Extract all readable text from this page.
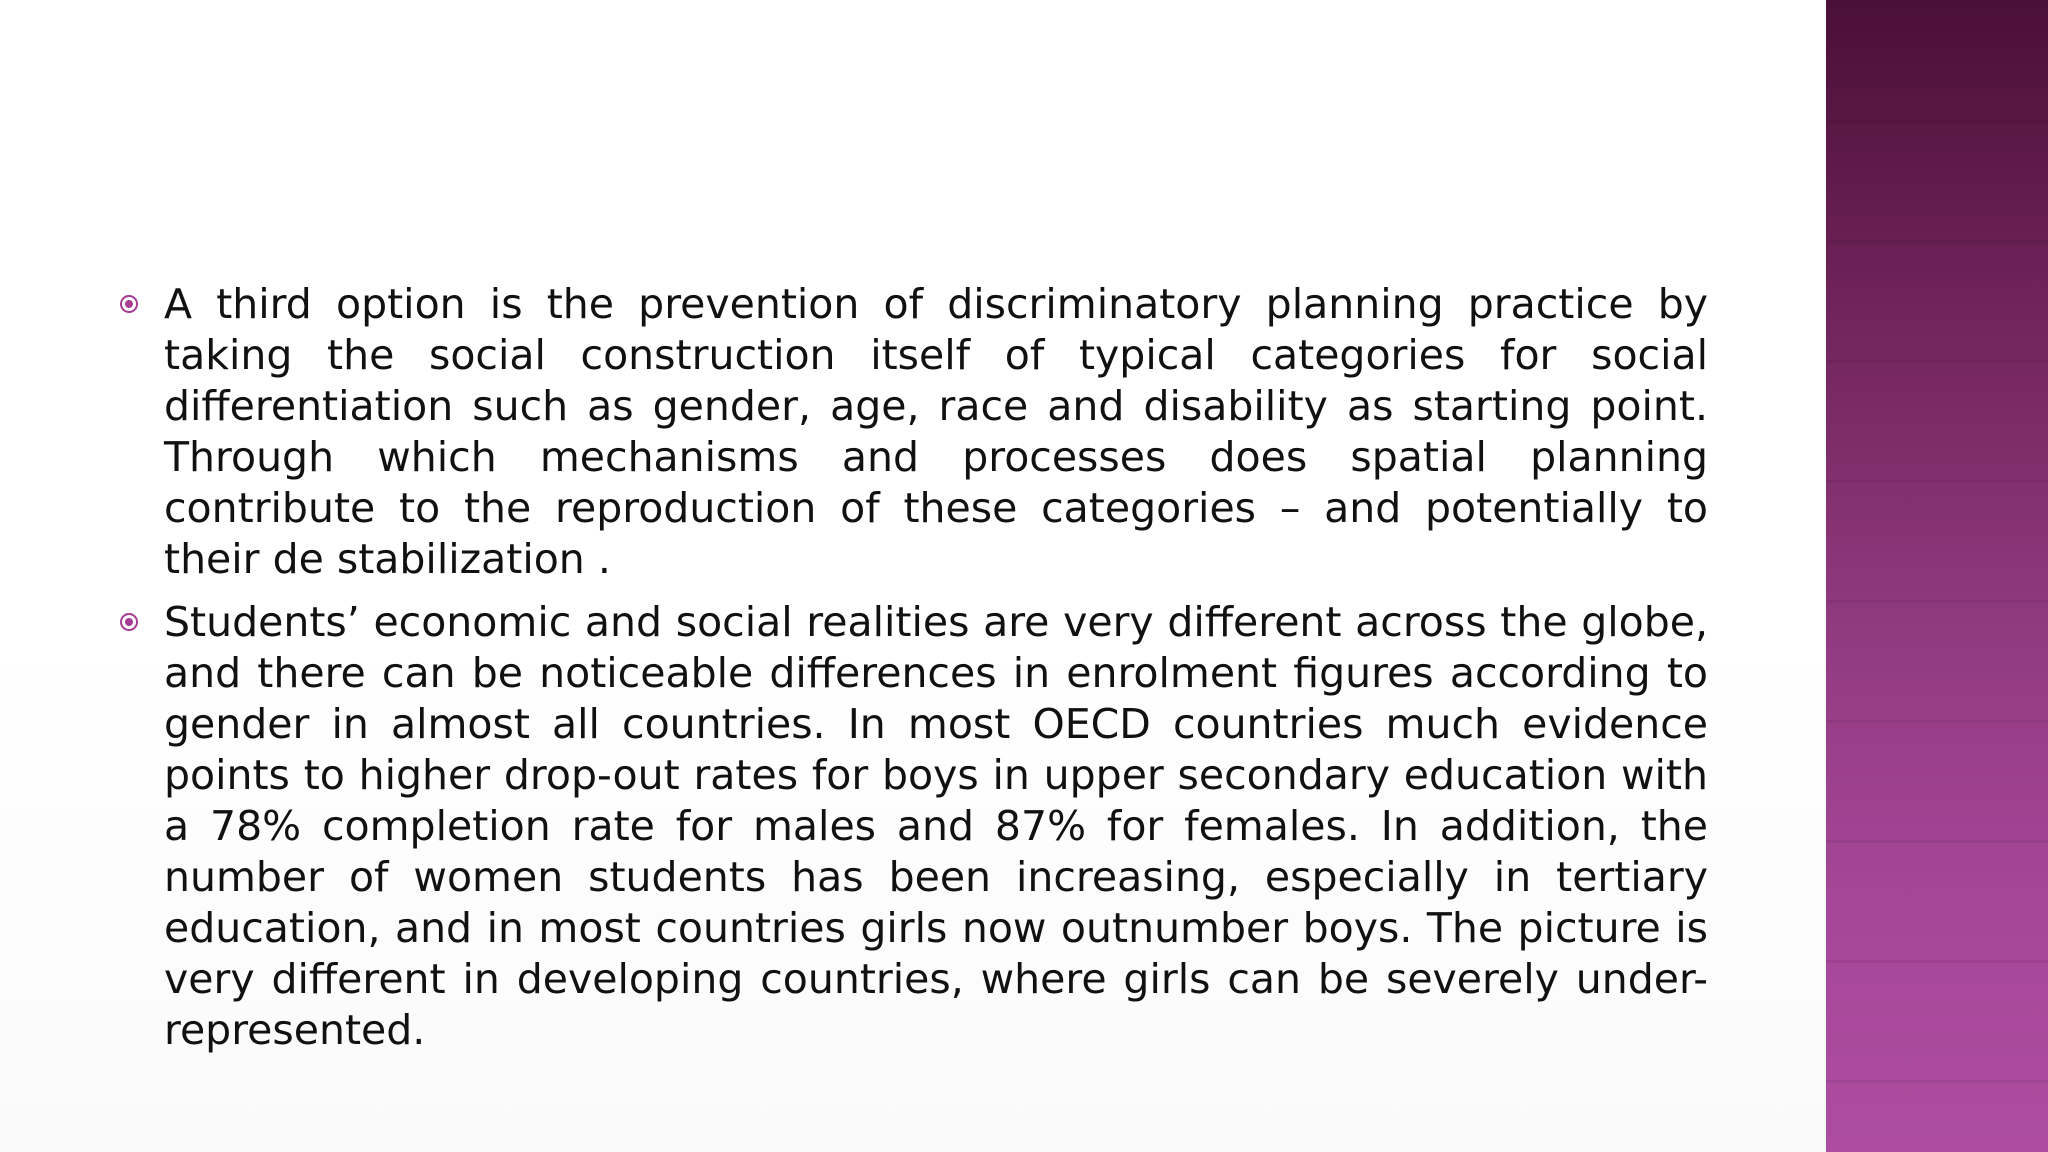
A third option is the prevention of discriminatory planning practice by taking the social construction itself of typical categories for social differentiation such as gender, age, race and disability as starting point. Through which mechanisms and processes does spatial planning contribute to the reproduction of these categories – and potentially to their de stabilization .
Students’ economic and social realities are very different across the globe, and there can be noticeable differences in enrolment figures according to gender in almost all countries. In most OECD countries much evidence points to higher drop-out rates for boys in upper secondary education with a 78% completion rate for males and 87% for females. In addition, the number of women students has been increasing, especially in tertiary education, and in most countries girls now outnumber boys. The picture is very different in developing countries, where girls can be severely under-represented.
